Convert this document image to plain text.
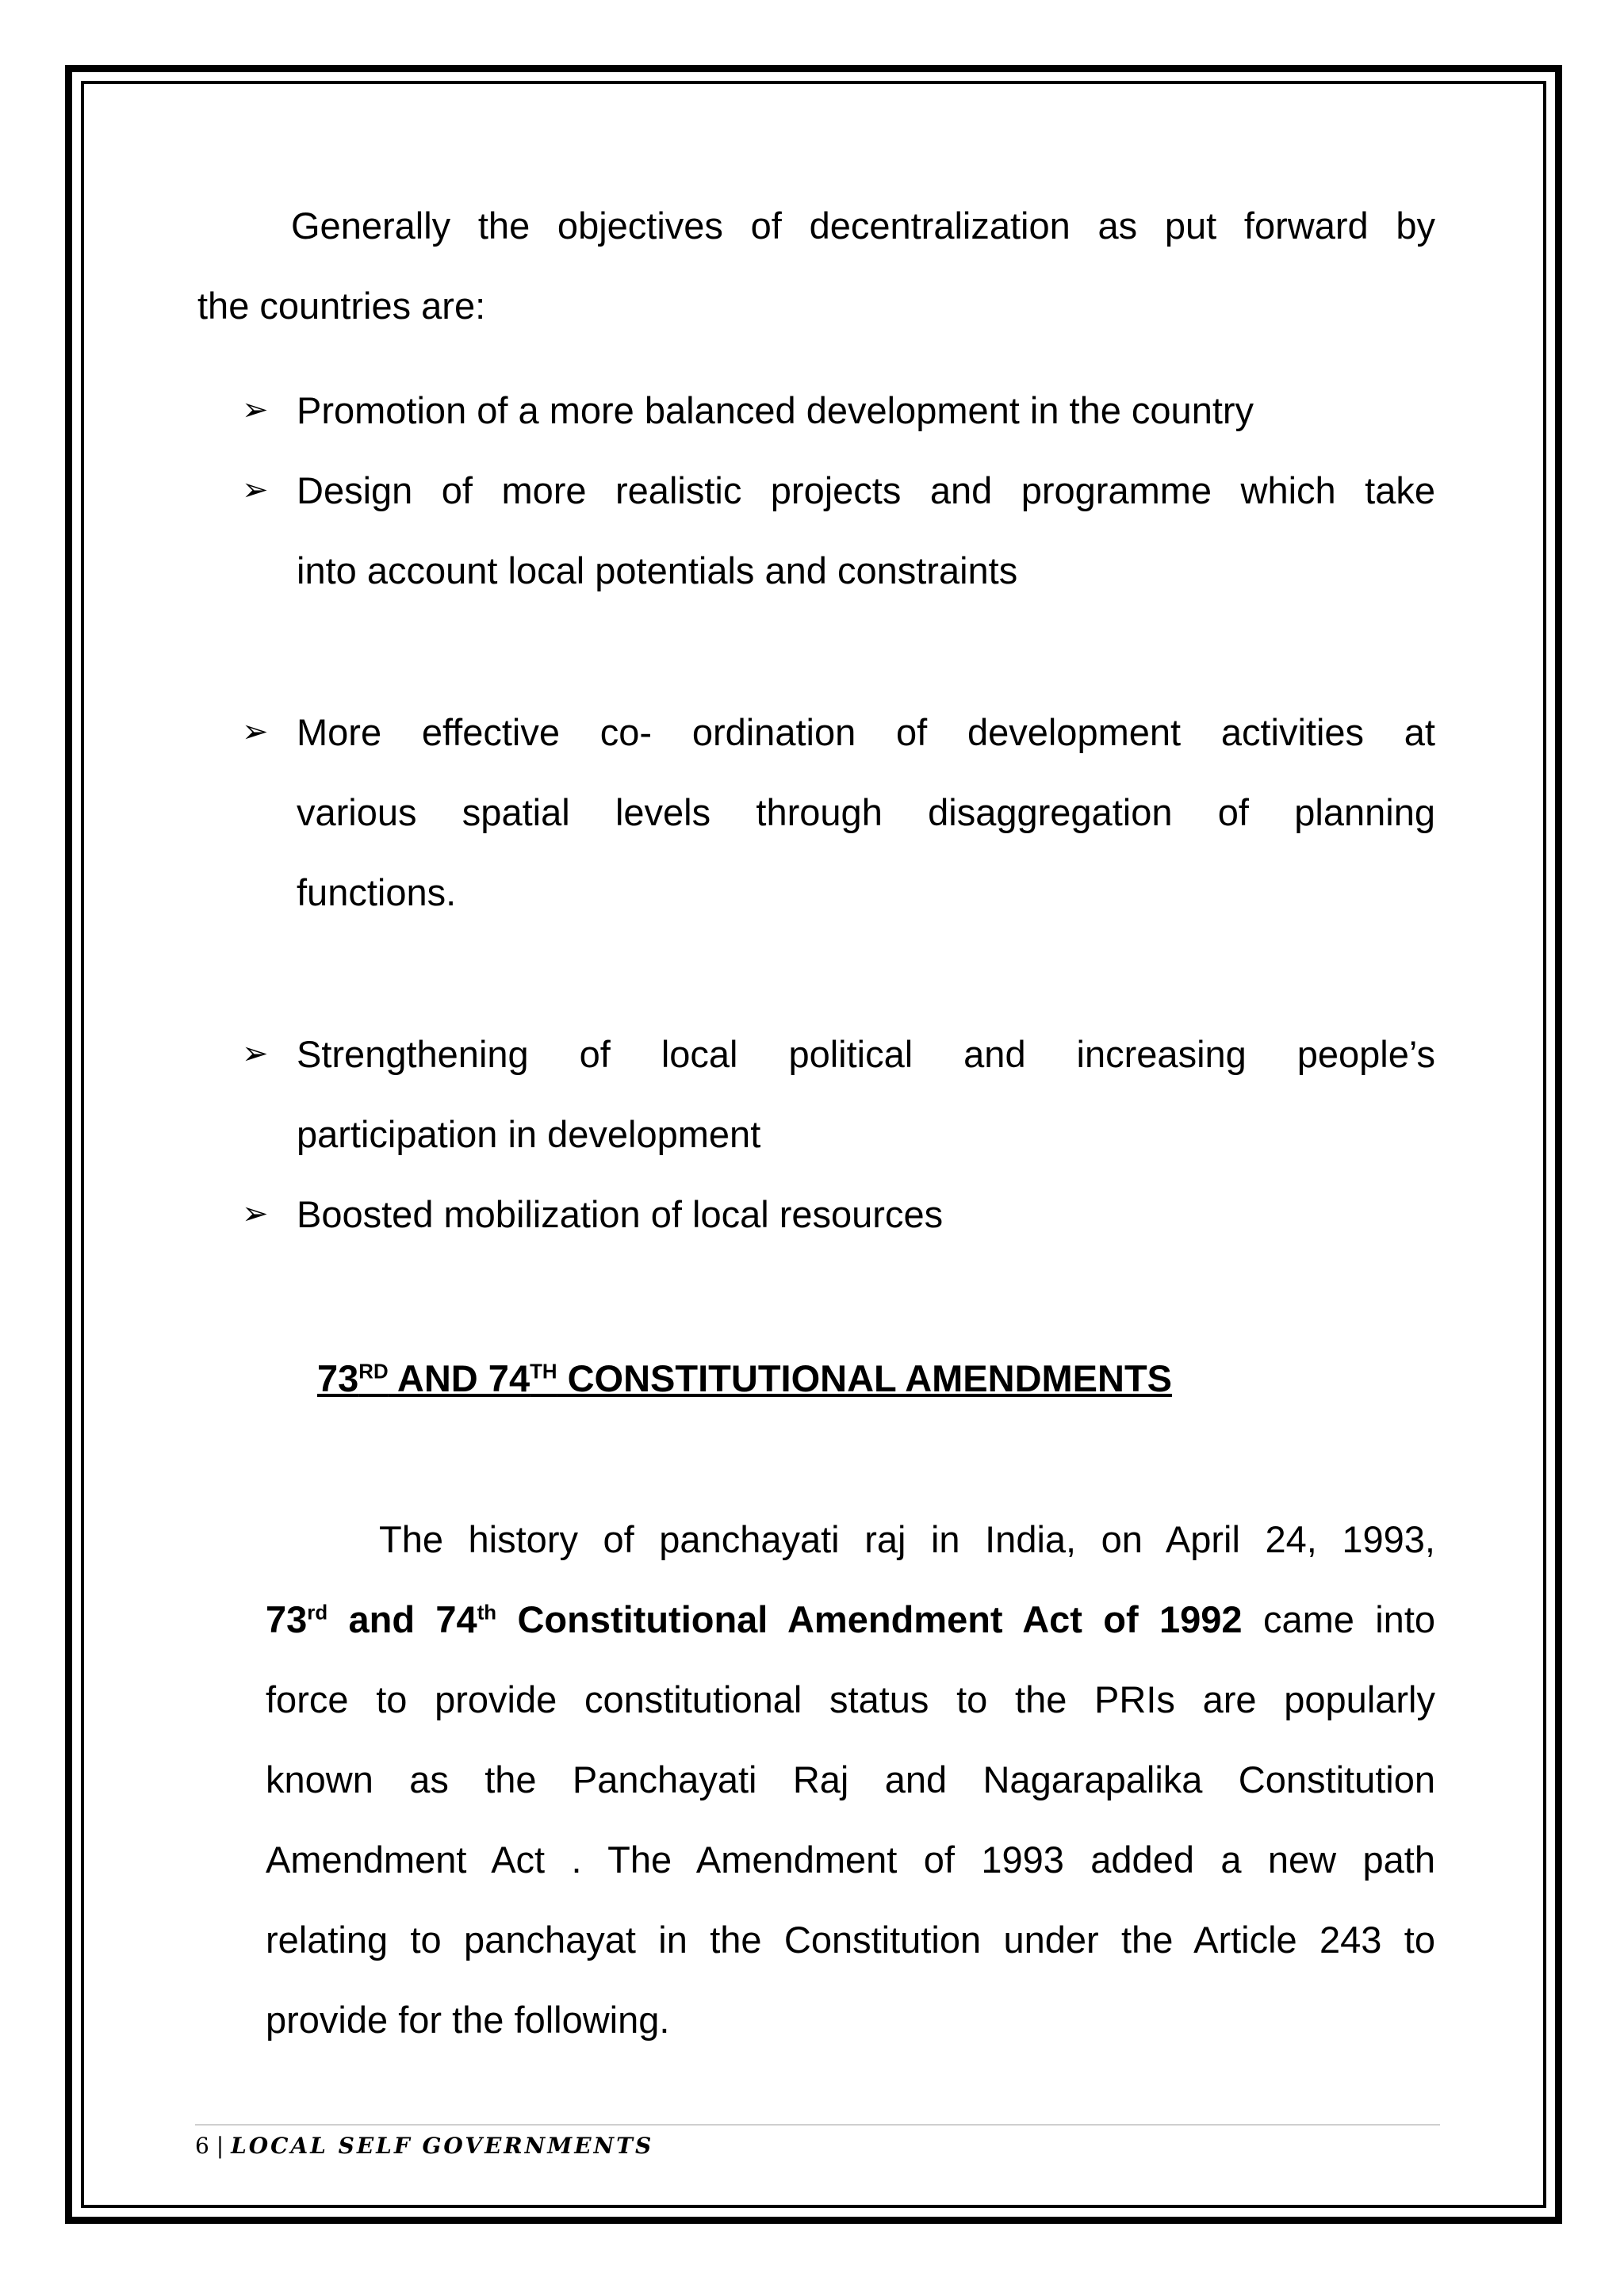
Generally the objectives of decentralization as put forward by

the countries are:

➢ Promotion of a more balanced development in the country

➢ Design of more realistic projects and programme which take

into account local potentials and constraints

➢ More effective co- ordination of development activities at

various spatial levels through disaggregation of planning

functions.

➢ Strengthening of local political and increasing people’s

participation in development

➢ Boosted mobilization of local resources

73RD AND 74TH CONSTITUTIONAL AMENDMENTS

The history of panchayati raj in India, on April 24, 1993,

73rd and 74th Constitutional Amendment Act of 1992 came into

force to provide constitutional status to the PRIs are popularly

known as the Panchayati Raj and Nagarapalika Constitution

Amendment Act . The Amendment of 1993 added a new path

relating to panchayat in the Constitution under the Article 243 to

provide for the following.

6 | LOCAL SELF GOVERNMENTS
